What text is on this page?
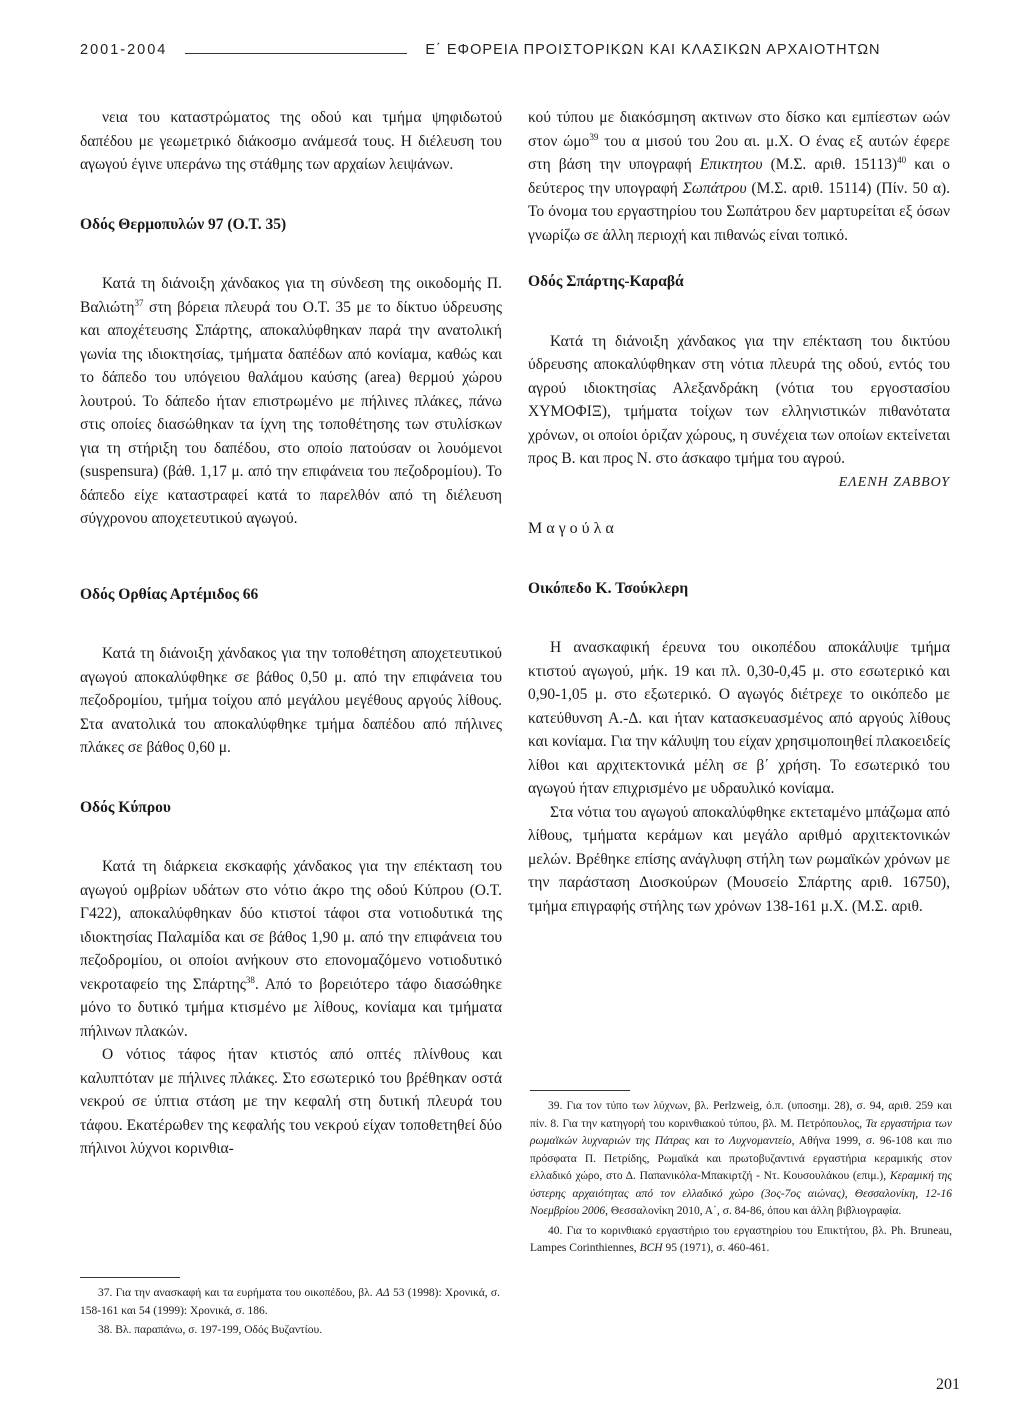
2001-2004	Ε΄ ΕΦΟΡΕΙΑ ΠΡΟΙΣΤΟΡΙΚΩΝ ΚΑΙ ΚΛΑΣΙΚΩΝ ΑΡΧΑΙΟΤΗΤΩΝ

νεια του καταστρώματος της οδού και τμήμα ψηφιδωτού δαπέδου με γεωμετρικό διάκοσμο ανάμεσά τους. Η διέλευση του αγωγού έγινε υπεράνω της στάθμης των αρχαίων λειψάνων.

Οδός Θερμοπυλών 97 (Ο.Τ. 35)

Κατά τη διάνοιξη χάνδακος για τη σύνδεση της οικοδομής Π. Βαλιώτη$^{37}$ στη βόρεια πλευρά του Ο.Τ. 35 με το δίκτυο ύδρευσης και αποχέτευσης Σπάρτης, αποκαλύφθηκαν παρά την ανατολική γωνία της ιδιοκτησίας, τμήματα δαπέδων από κονίαμα, καθώς και το δάπεδο του υπόγειου θαλάμου καύσης (area) θερμού χώρου λουτρού. Το δάπεδο ήταν επιστρωμένο με πήλινες πλάκες, πάνω στις οποίες διασώθηκαν τα ίχνη της τοποθέτησης των στυλίσκων για τη στήριξη του δαπέδου, στο οποίο πατούσαν οι λουόμενοι (suspensura) (βάθ. 1,17 μ. από την επιφάνεια του πεζοδρομίου). Το δάπεδο είχε καταστραφεί κατά το παρελθόν από τη διέλευση σύγχρονου αποχετευτικού αγωγού.

Οδός Ορθίας Αρτέμιδος 66

Κατά τη διάνοιξη χάνδακος για την τοποθέτηση αποχετευτικού αγωγού αποκαλύφθηκε σε βάθος 0,50 μ. από την επιφάνεια του πεζοδρομίου, τμήμα τοίχου από μεγάλου μεγέθους αργούς λίθους. Στα ανατολικά του αποκαλύφθηκε τμήμα δαπέδου από πήλινες πλάκες σε βάθος 0,60 μ.

Οδός Κύπρου

Κατά τη διάρκεια εκσκαφής χάνδακος για την επέκταση του αγωγού ομβρίων υδάτων στο νότιο άκρο της οδού Κύπρου (Ο.Τ. Γ422), αποκαλύφθηκαν δύο κτιστοί τάφοι στα νοτιοδυτικά της ιδιοκτησίας Παλαμίδα και σε βάθος 1,90 μ. από την επιφάνεια του πεζοδρομίου, οι οποίοι ανήκουν στο επονομαζόμενο νοτιοδυτικό νεκροταφείο της Σπάρτης$^{38}$. Από το βορειότερο τάφο διασώθηκε μόνο το δυτικό τμήμα κτισμένο με λίθους, κονίαμα και τμήματα πήλινων πλακών.

Ο νότιος τάφος ήταν κτιστός από οπτές πλίνθους και καλυπτόταν με πήλινες πλάκες. Στο εσωτερικό του βρέθηκαν οστά νεκρού σε ύπτια στάση με την κεφαλή στη δυτική πλευρά του τάφου. Εκατέρωθεν της κεφαλής του νεκρού είχαν τοποθετηθεί δύο πήλινοι λύχνοι κορινθια-

κού τύπου με διακόσμηση ακτινων στο δίσκο και εμπίεστων ωών στον ώμο$^{39}$ του α μισού του 2ου αι. μ.Χ. Ο ένας εξ αυτών έφερε στη βάση την υπογραφή Επικτητου (Μ.Σ. αριθ. 15113)$^{40}$ και ο δεύτερος την υπογραφή Σωπάτρου (Μ.Σ. αριθ. 15114) (Πίν. 50 α). Το όνομα του εργαστηρίου του Σωπάτρου δεν μαρτυρείται εξ όσων γνωρίζω σε άλλη περιοχή και πιθανώς είναι τοπικό.

Οδός Σπάρτης-Καραβά

Κατά τη διάνοιξη χάνδακος για την επέκταση του δικτύου ύδρευσης αποκαλύφθηκαν στη νότια πλευρά της οδού, εντός του αγρού ιδιοκτησίας Αλεξανδράκη (νότια του εργοστασίου ΧΥΜΟΦΙΞ), τμήματα τοίχων των ελληνιστικών πιθανότατα χρόνων, οι οποίοι όριζαν χώρους, η συνέχεια των οποίων εκτείνεται προς Β. και προς Ν. στο άσκαφο τμήμα του αγρού.

ΕΛΕΝΗ ΖΑΒΒΟΥ

Μαγούλα

Οικόπεδο Κ. Τσούκλερη

Η ανασκαφική έρευνα του οικοπέδου αποκάλυψε τμήμα κτιστού αγωγού, μήκ. 19 και πλ. 0,30-0,45 μ. στο εσωτερικό και 0,90-1,05 μ. στο εξωτερικό. Ο αγωγός διέτρεχε το οικόπεδο με κατεύθυνση Α.-Δ. και ήταν κατασκευασμένος από αργούς λίθους και κονίαμα. Για την κάλυψη του είχαν χρησιμοποιηθεί πλακοειδείς λίθοι και αρχιτεκτονικά μέλη σε β΄ χρήση. Το εσωτερικό του αγωγού ήταν επιχρισμένο με υδραυλικό κονίαμα.

Στα νότια του αγωγού αποκαλύφθηκε εκτεταμένο μπάζωμα από λίθους, τμήματα κεράμων και μεγάλο αριθμό αρχιτεκτονικών μελών. Βρέθηκε επίσης ανάγλυφη στήλη των ρωμαϊκών χρόνων με την παράσταση Διοσκούρων (Μουσείο Σπάρτης αριθ. 16750), τμήμα επιγραφής στήλης των χρόνων 138-161 μ.Χ. (Μ.Σ. αριθ.

37. Για την ανασκαφή και τα ευρήματα του οικοπέδου, βλ. ΑΔ 53 (1998): Χρονικά, σ. 158-161 και 54 (1999): Χρονικά, σ. 186.

38. Βλ. παραπάνω, σ. 197-199, Οδός Βυζαντίου.

39. Για τον τύπο των λύχνων, βλ. Perlzweig, ό.π. (υποσημ. 28), σ. 94, αριθ. 259 και πίν. 8. Για την κατηγορή του κορινθιακού τύπου, βλ. Μ. Πετρόπουλος, Τα εργαστήρια των ρωμαϊκών λυχναριών της Πάτρας και το Λυχνομαντείο, Αθήνα 1999, σ. 96-108 και πιο πρόσφατα Π. Πετρίδης, Ρωμαϊκά και πρωτοβυζαντινά εργαστήρια κεραμικής στον ελλαδικό χώρο, στο Δ. Παπανικόλα-Μπακιρτζή - Ντ. Κουσουλάκου (επιμ.), Κεραμική της ύστερης αρχαιότητας από τον ελλαδικό χώρο (3ος-7ος αιώνας), Θεσσαλονίκη, 12-16 Νοεμβρίου 2006, Θεσσαλονίκη 2010, Α΄, σ. 84-86, όπου και άλλη βιβλιογραφία.

40. Για το κορινθιακό εργαστήριο του εργαστηρίου του Επικτήτου, βλ. Ph. Bruneau, Lampes Corinthiennes, BCH 95 (1971), σ. 460-461.

201
